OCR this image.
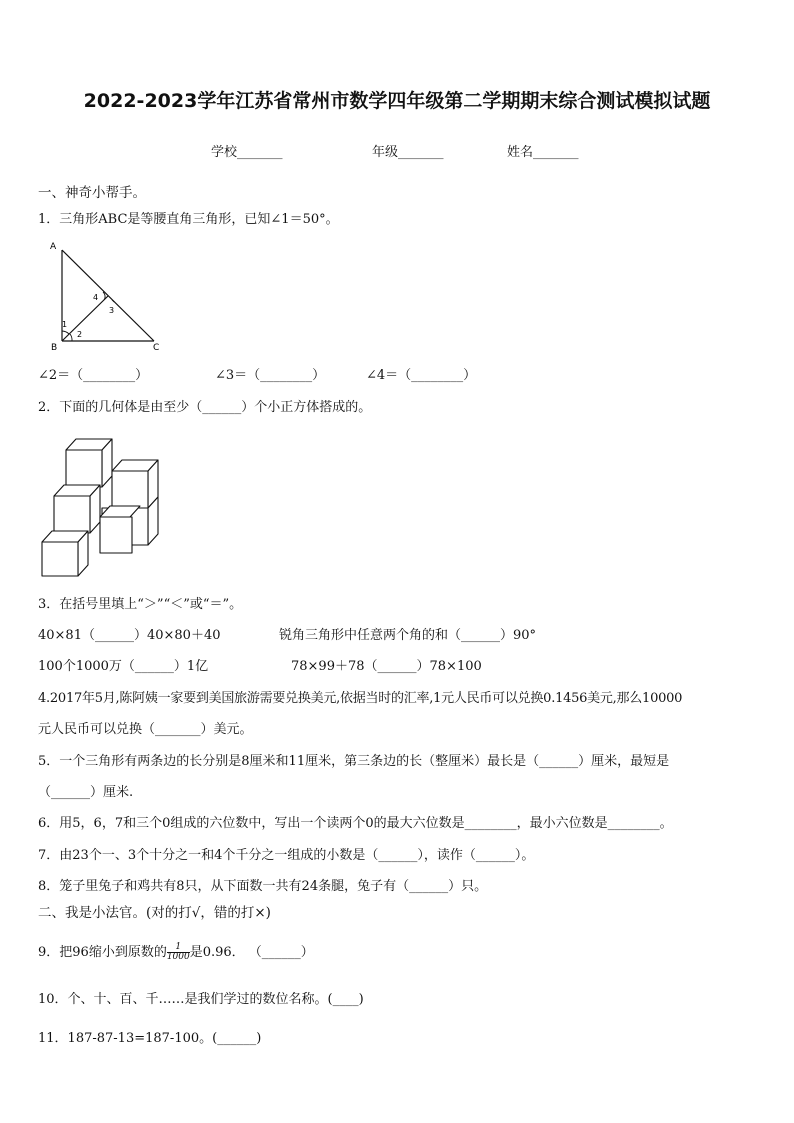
2022-2023学年江苏省常州市数学四年级第二学期期末综合测试模拟试题
学校_______	年级_______	姓名_______
一、神奇小帮手。
1．三角形ABC是等腰直角三角形，已知∠1＝50°。
A
B	C
1
2
3
4
∠2＝（________）	∠3＝（________）	∠4＝（________）
2．下面的几何体是由至少（______）个小正方体搭成的。
3．在括号里填上“＞”“＜”或“＝”。
40×81（______）40×80＋40	锐角三角形中任意两个角的和（______）90°
100个1000万（______）1亿	78×99＋78（______）78×100
4.2017年5月,陈阿姨一家要到美国旅游需要兑换美元,依据当时的汇率,1元人民币可以兑换0.1456美元,那么10000
元人民币可以兑换（_______）美元。
5．一个三角形有两条边的长分别是8厘米和11厘米，第三条边的长（整厘米）最长是（______）厘米，最短是
（______）厘米.
6．用5，6，7和三个0组成的六位数中，写出一个读两个0的最大六位数是________，最小六位数是________。
7．由23个一、3个十分之一和4个千分之一组成的小数是（______），读作（______）。
8．笼子里兔子和鸡共有8只，从下面数一共有24条腿，兔子有（______）只。
二、我是小法官。(对的打√，错的打×)
9．把96缩小到原数的 $\frac{1}{1000}$ 是0.96． （______）
10．个、十、百、千……是我们学过的数位名称。(____)
11．187-87-13=187-100。(______)
